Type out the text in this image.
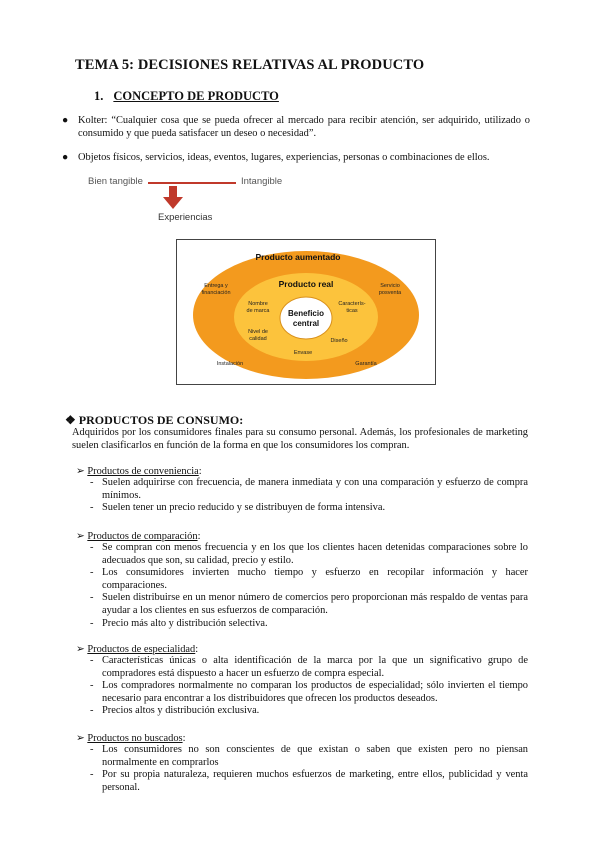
TEMA 5: DECISIONES RELATIVAS AL PRODUCTO
1. CONCEPTO DE PRODUCTO
● Kolter: “Cualquier cosa que se pueda ofrecer al mercado para recibir atención, ser adquirido, utilizado o consumido y que pueda satisfacer un deseo o necesidad”.
● Objetos físicos, servicios, ideas, eventos, lugares, experiencias, personas o combinaciones de ellos.
Bien tangible	Intangible
Experiencias
Producto aumentado
Producto real
Beneficio central
Entrega y financiación
Servicio posventa
Instalación	Garantía
Nombre de marca
Caracterís-ticas
Nivel de calidad	Diseño
Envase
❖ PRODUCTOS DE CONSUMO:
Adquiridos por los consumidores finales para su consumo personal. Además, los profesionales de marketing suelen clasificarlos en función de la forma en que los consumidores los compran.
➢ Productos de conveniencia:
- Suelen adquirirse con frecuencia, de manera inmediata y con una comparación y esfuerzo de compra mínimos.
- Suelen tener un precio reducido y se distribuyen de forma intensiva.
➢ Productos de comparación:
- Se compran con menos frecuencia y en los que los clientes hacen detenidas comparaciones sobre lo adecuados que son, su calidad, precio y estilo.
- Los consumidores invierten mucho tiempo y esfuerzo en recopilar información y hacer comparaciones.
- Suelen distribuirse en un menor número de comercios pero proporcionan más respaldo de ventas para ayudar a los clientes en sus esfuerzos de comparación.
- Precio más alto y distribución selectiva.
➢ Productos de especialidad:
- Características únicas o alta identificación de la marca por la que un significativo grupo de compradores está dispuesto a hacer un esfuerzo de compra especial.
- Los compradores normalmente no comparan los productos de especialidad; sólo invierten el tiempo necesario para encontrar a los distribuidores que ofrecen los productos deseados.
- Precios altos y distribución exclusiva.
➢ Productos no buscados:
- Los consumidores no son conscientes de que existan o saben que existen pero no piensan normalmente en comprarlos
- Por su propia naturaleza, requieren muchos esfuerzos de marketing, entre ellos, publicidad y venta personal.
